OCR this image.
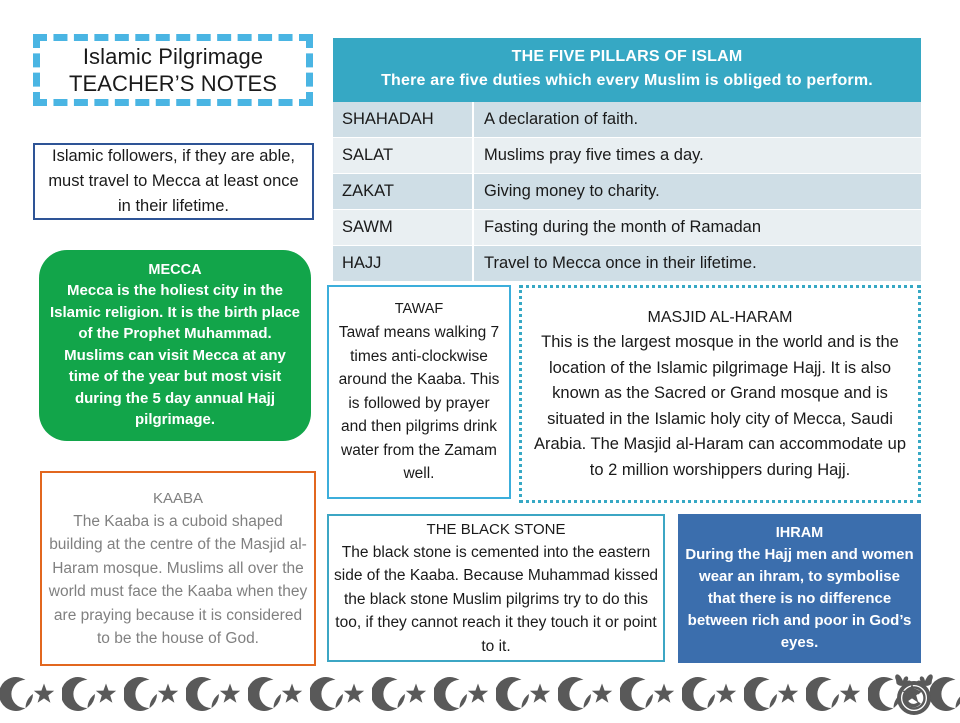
Islamic Pilgrimage
TEACHER’S NOTES

Islamic followers, if they are able, must travel to Mecca at least once in their lifetime.

MECCA

Mecca is the holiest city in the Islamic religion. It is the birth place of the Prophet Muhammad. Muslims can visit Mecca at any time of the year but most visit during the 5 day annual Hajj pilgrimage.

KAABA

The Kaaba is a cuboid shaped building at the centre of the Masjid al-Haram mosque. Muslims all over the world must face the Kaaba when they are praying because it is considered to be the house of God.

THE FIVE PILLARS OF ISLAM
There are five duties which every Muslim is obliged to perform.
SHAHADAH	A declaration of faith.
SALAT	Muslims pray five times a day.
ZAKAT	Giving money to charity.
SAWM	Fasting during the month of Ramadan
HAJJ	Travel to Mecca once in their lifetime.
TAWAF

Tawaf means walking 7 times anti-clockwise around the Kaaba. This is followed by prayer and then pilgrims drink water from the Zamam well.

MASJID AL-HARAM

This is the largest mosque in the world and is the location of the Islamic pilgrimage Hajj. It is also known as the Sacred or Grand mosque and is situated in the Islamic holy city of Mecca, Saudi Arabia. The Masjid al-Haram can accommodate up to 2 million worshippers during Hajj.

THE BLACK STONE

The black stone is cemented into the eastern side of the Kaaba. Because Muhammad kissed the black stone Muslim pilgrims try to do this too, if they cannot reach it they touch it or point to it.

IHRAM

During the Hajj men and women wear an ihram, to symbolise that there is no difference between rich and poor in God’s eyes.
